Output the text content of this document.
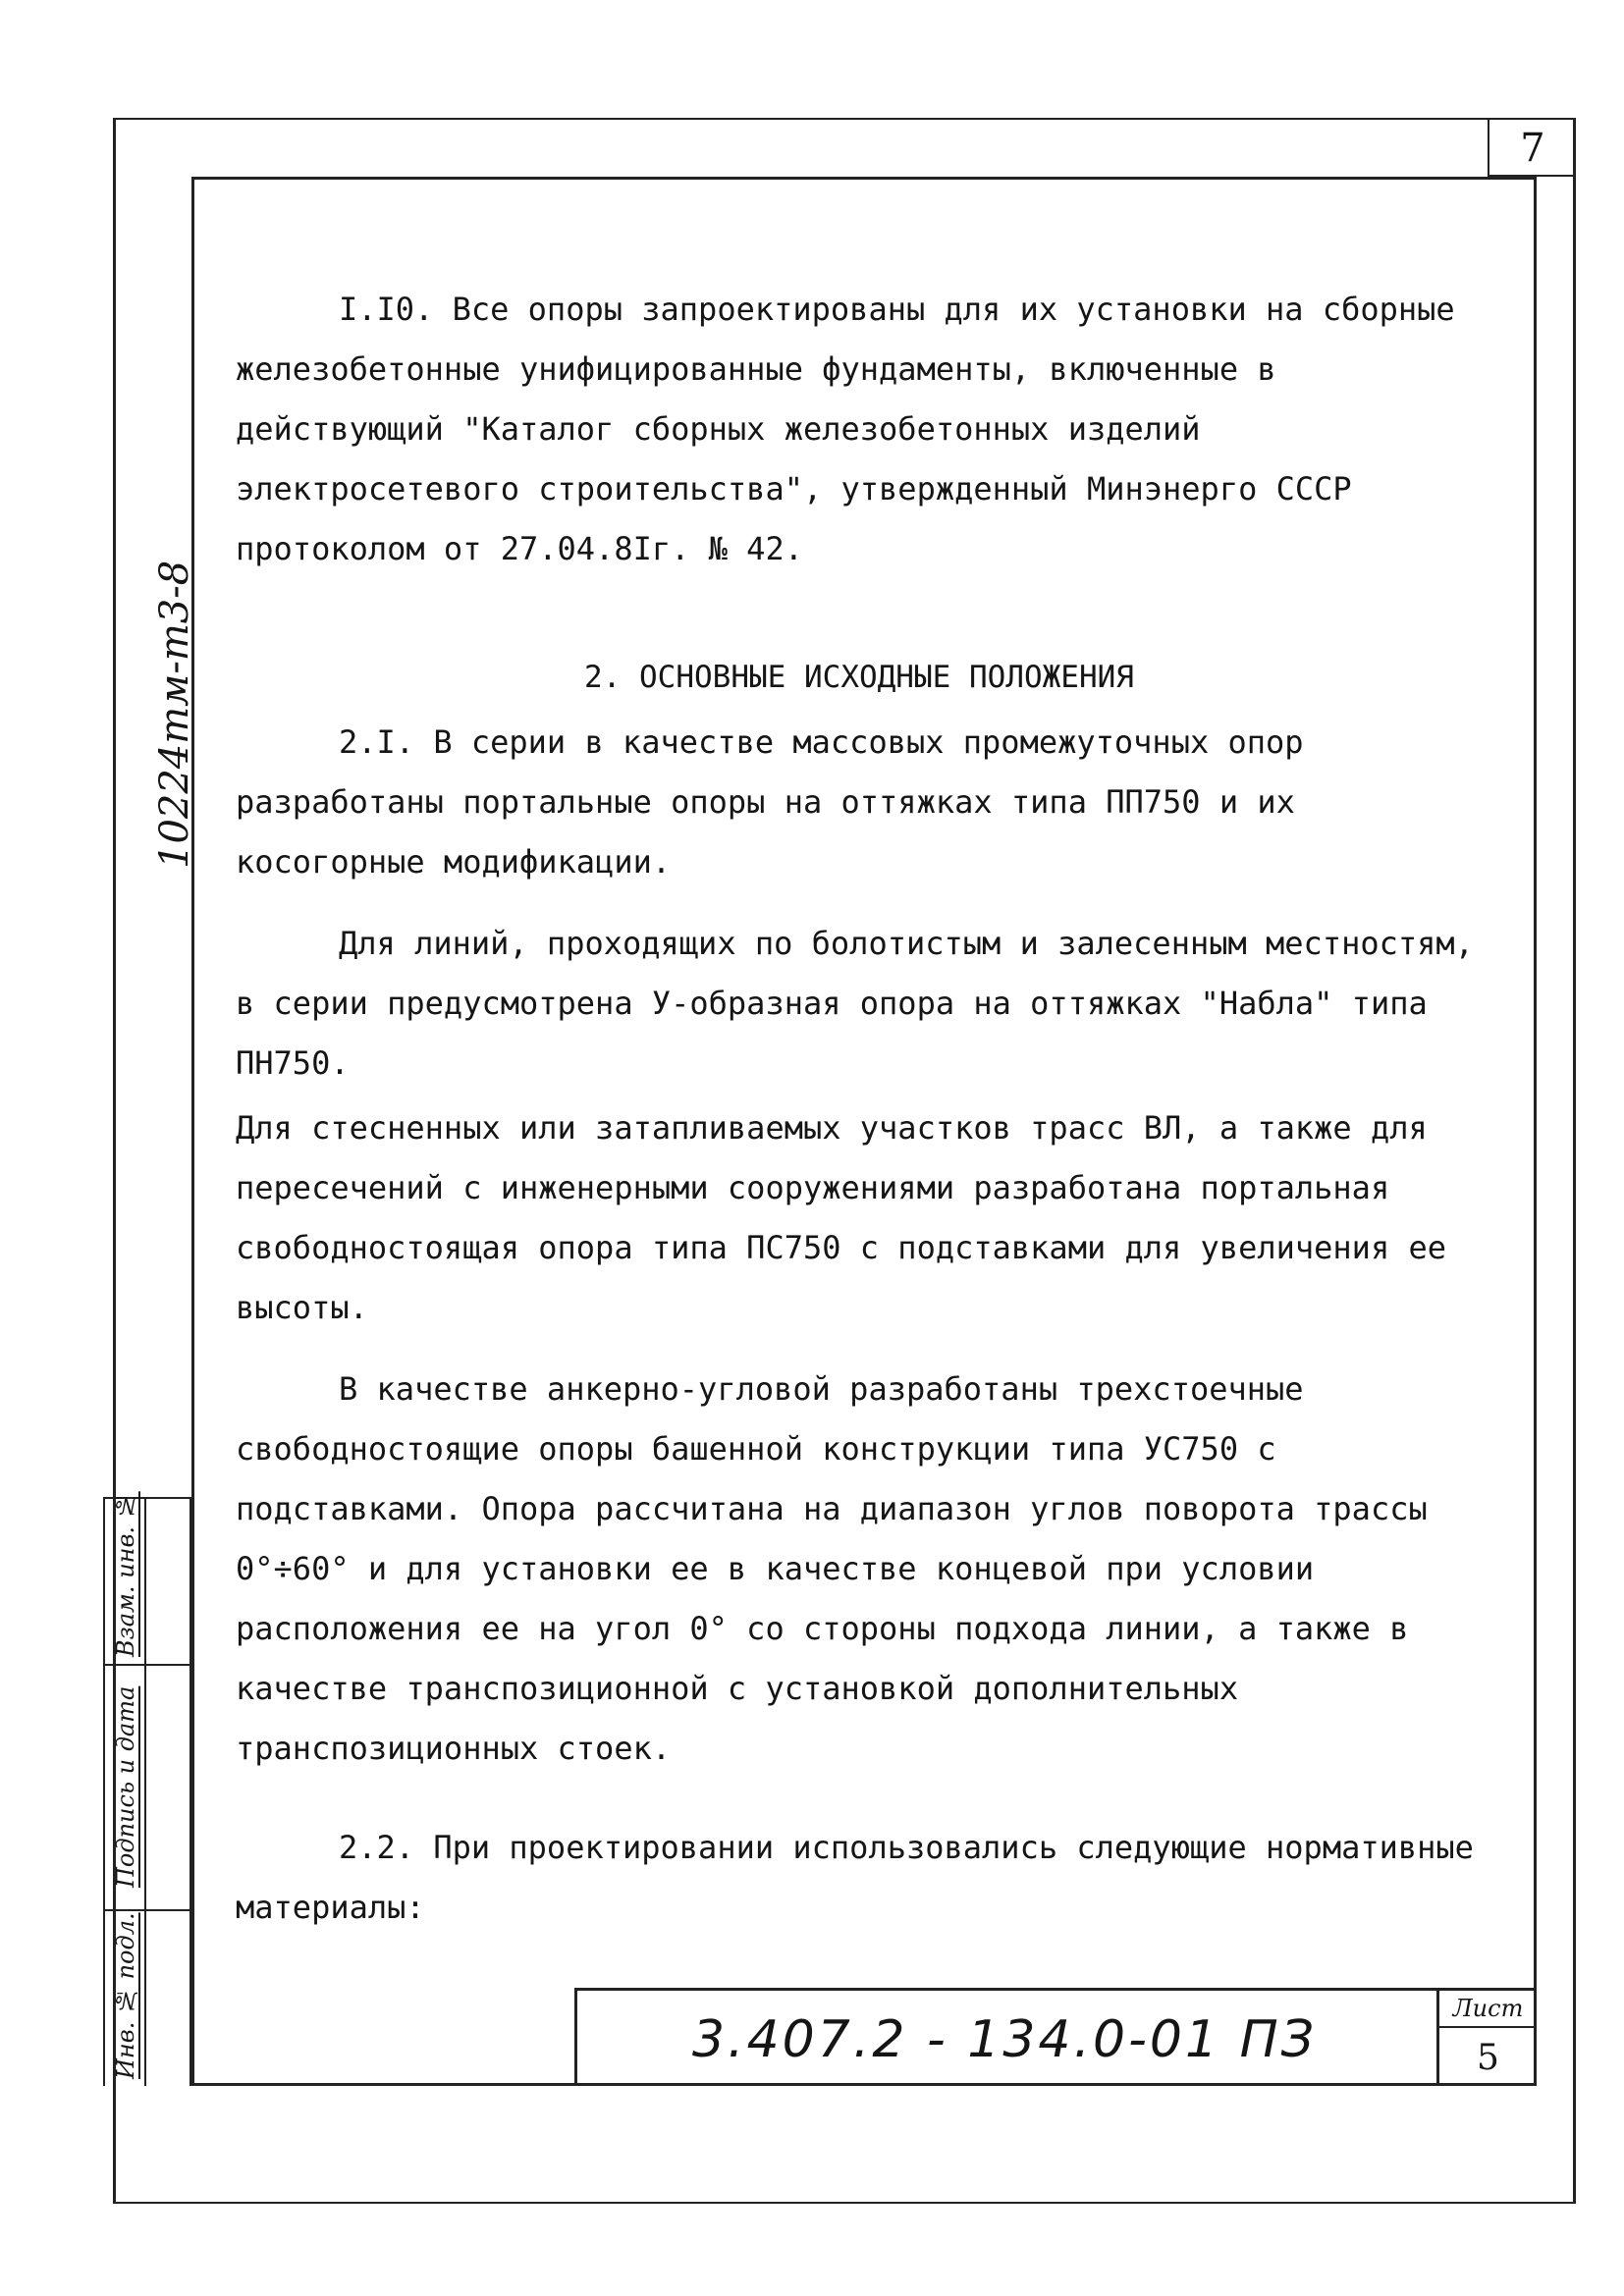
7
10224тм-т3-8

I.I0. Все опоры запроектированы для их установки на сборные железобетонные унифицированные фундаменты, включенные в действующий "Каталог сборных железобетонных изделий электросетевого строительства", утвержденный Минэнерго СССР протоколом от 27.04.8Iг. № 42.

2. ОСНОВНЫЕ ИСХОДНЫЕ ПОЛОЖЕНИЯ

2.I. В серии в качестве массовых промежуточных опор разработаны портальные опоры на оттяжках типа ПП750 и их косогорные модификации.

Для линий, проходящих по болотистым и залесенным местностям, в серии предусмотрена У-образная опора на оттяжках "Набла" типа ПН750.

Для стесненных или затапливаемых участков трасс ВЛ, а также для пересечений с инженерными сооружениями разработана портальная свободностоящая опора типа ПС750 с подставками для увеличения ее высоты.

В качестве анкерно-угловой разработаны трехстоечные свободностоящие опоры башенной конструкции типа УС750 с подставками. Опора рассчитана на диапазон углов поворота трассы 0°÷60° и для установки ее в качестве концевой при условии расположения ее на угол 0° со стороны подхода линии, а также в качестве транспозиционной с установкой дополнительных транспозиционных стоек.

2.2. При проектировании использовались следующие нормативные материалы:

Взам. инв. №
Подпись и дата
Инв. № подл.	3.407.2 - 134.0-01 ПЗ
Лист
5
